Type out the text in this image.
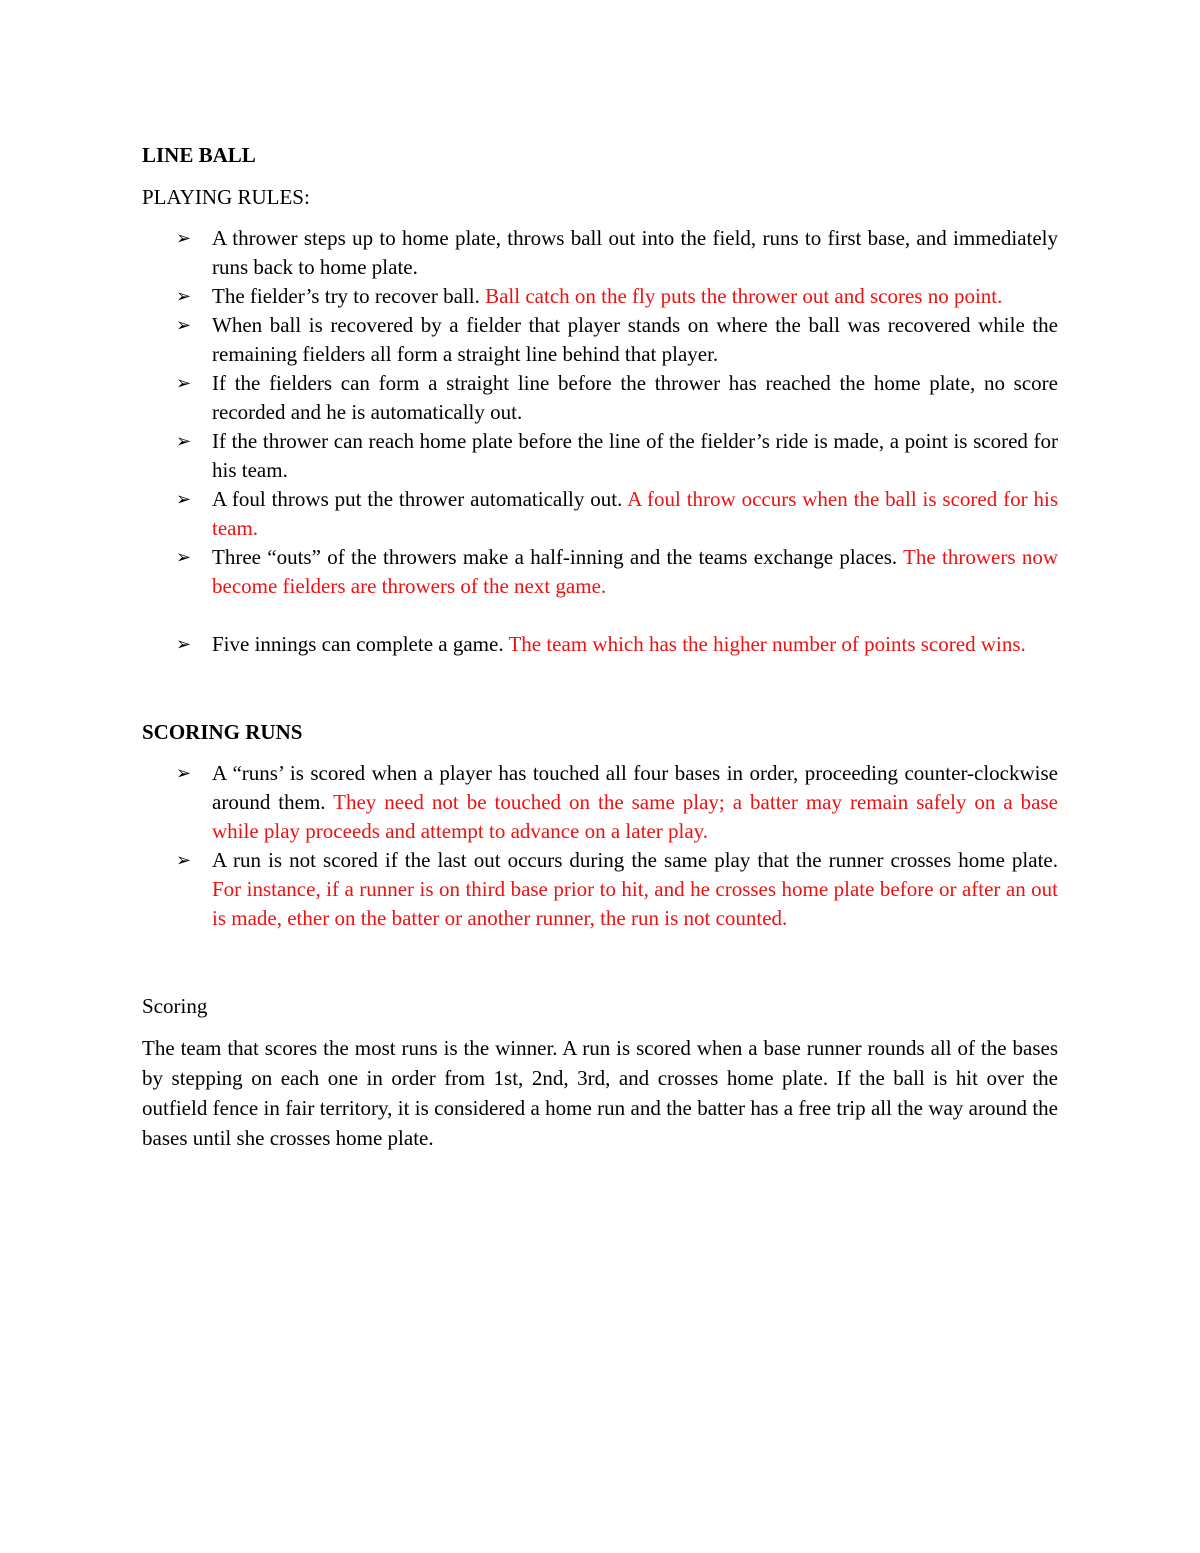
LINE BALL
PLAYING RULES:
➢ A thrower steps up to home plate, throws ball out into the field, runs to first base, and immediately runs back to home plate.
➢ The fielder’s try to recover ball. Ball catch on the fly puts the thrower out and scores no point.
➢ When ball is recovered by a fielder that player stands on where the ball was recovered while the remaining fielders all form a straight line behind that player.
➢ If the fielders can form a straight line before the thrower has reached the home plate, no score recorded and he is automatically out.
➢ If the thrower can reach home plate before the line of the fielder’s ride is made, a point is scored for his team.
➢ A foul throws put the thrower automatically out. A foul throw occurs when the ball is scored for his team.
➢ Three “outs” of the throwers make a half-inning and the teams exchange places. The throwers now become fielders are throwers of the next game.
➢ Five innings can complete a game. The team which has the higher number of points scored wins.
SCORING RUNS
➢ A “runs’ is scored when a player has touched all four bases in order, proceeding counter-clockwise around them. They need not be touched on the same play; a batter may remain safely on a base while play proceeds and attempt to advance on a later play.
➢ A run is not scored if the last out occurs during the same play that the runner crosses home plate. For instance, if a runner is on third base prior to hit, and he crosses home plate before or after an out is made, ether on the batter or another runner, the run is not counted.
Scoring

The team that scores the most runs is the winner. A run is scored when a base runner rounds all of the bases by stepping on each one in order from 1st, 2nd, 3rd, and crosses home plate. If the ball is hit over the outfield fence in fair territory, it is considered a home run and the batter has a free trip all the way around the bases until she crosses home plate.
